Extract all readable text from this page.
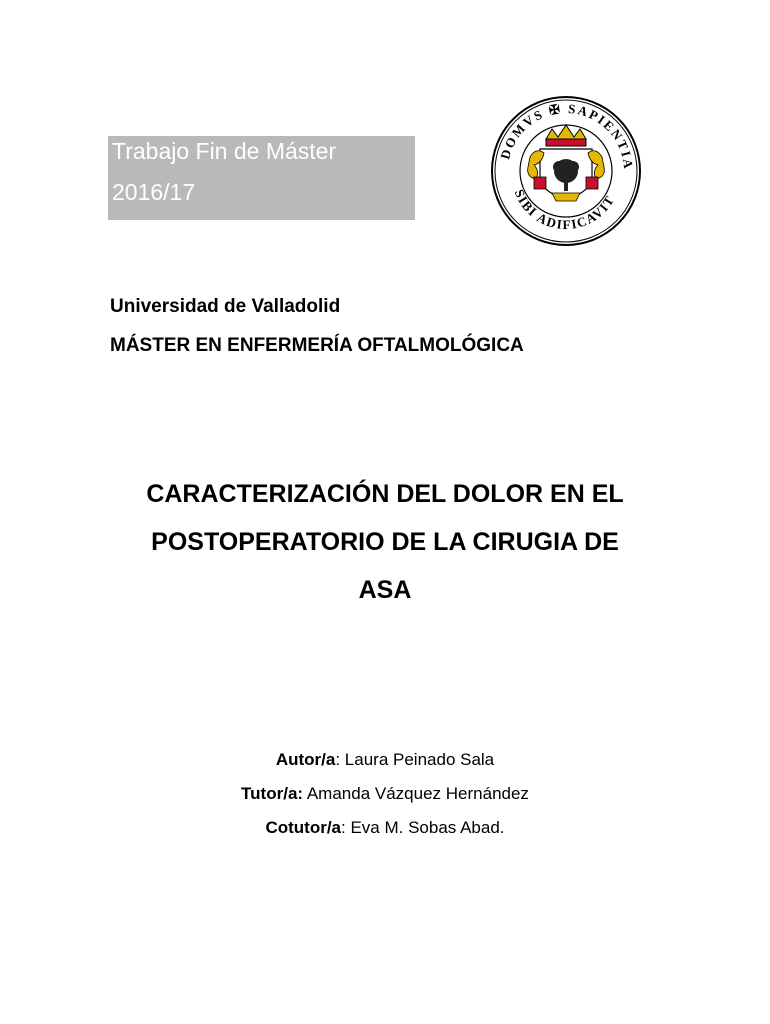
Trabajo Fin de Máster
2016/17
DOMVS ✠ SAPIENTIA
SIBI ADIFICAVIT
Universidad de Valladolid
MÁSTER EN ENFERMERÍA OFTALMOLÓGICA
CARACTERIZACIÓN DEL DOLOR EN EL
POSTOPERATORIO DE LA CIRUGIA DE
ASA
Autor/a: Laura Peinado Sala
Tutor/a: Amanda Vázquez Hernández
Cotutor/a: Eva M. Sobas Abad.
